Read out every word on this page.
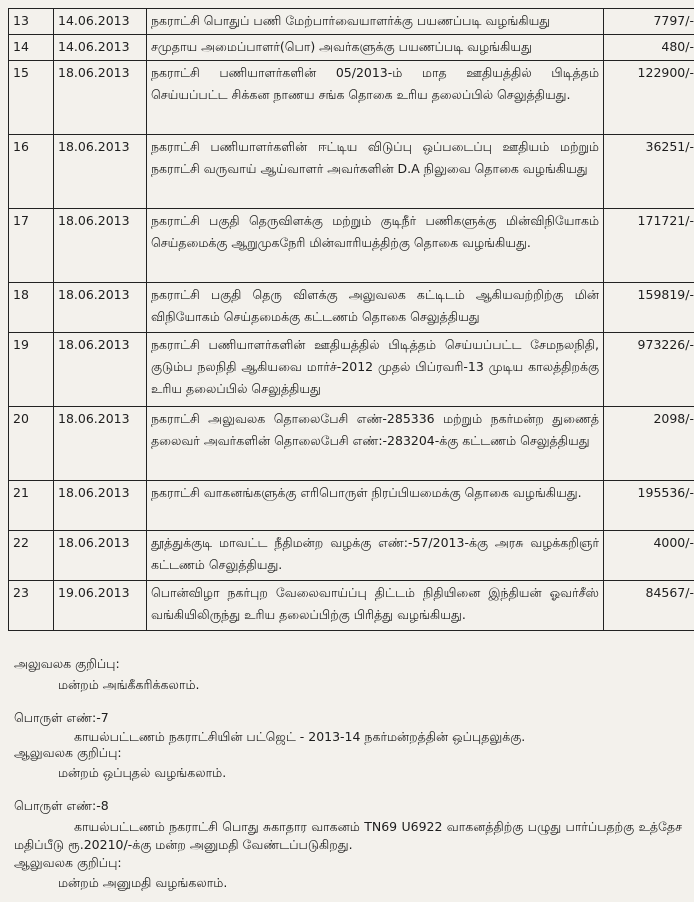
13	14.06.2013	நகராட்சி பொதுப் பணி மேற்பார்வையாளர்க்கு பயணப்படி வழங்கியது	7797/-
14	14.06.2013	சமுதாய அமைப்பாளர்(பொ) அவர்களுக்கு பயணப்படி வழங்கியது	480/-
15	18.06.2013	நகராட்சி பணியாளர்களின் 05/2013-ம் மாத ஊதியத்தில் பிடித்தம் செய்யப்பட்ட சிக்கன நாணய சங்க தொகை உரிய தலைப்பில் செலுத்தியது.	122900/-
16	18.06.2013	நகராட்சி பணியாளர்களின் ஈட்டிய விடுப்பு ஒப்படைப்பு ஊதியம் மற்றும் நகராட்சி வருவாய் ஆய்வாளர் அவர்களின் D.A நிலுவை தொகை வழங்கியது	36251/-
17	18.06.2013	நகராட்சி பகுதி தெருவிளக்கு மற்றும் குடிநீர் பணிகளுக்கு மின்விநியோகம் செய்தமைக்கு ஆறுமுகநேரி மின்வாரியத்திற்கு தொகை வழங்கியது.	171721/-
18	18.06.2013	நகராட்சி பகுதி தெரு விளக்கு அலுவலக கட்டிடம் ஆகியவற்றிற்கு மின் விநியோகம் செய்தமைக்கு கட்டணம் தொகை செலுத்தியது	159819/-
19	18.06.2013	நகராட்சி பணியாளர்களின் ஊதியத்தில் பிடித்தம் செய்யப்பட்ட சேமநலநிதி, குடும்ப நலநிதி ஆகியவை மார்ச்-2012 முதல் பிப்ரவரி-13 முடிய காலத்திறக்கு உரிய தலைப்பில் செலுத்தியது	973226/-
20	18.06.2013	நகராட்சி அலுவலக தொலைபேசி எண்-285336 மற்றும் நகர்மன்ற துணைத் தலைவர் அவர்களின் தொலைபேசி எண்:-283204-க்கு கட்டணம் செலுத்தியது	2098/-
21	18.06.2013	நகராட்சி வாகனங்களுக்கு எரிபொருள் நிரப்பியமைக்கு தொகை வழங்கியது.	195536/-
22	18.06.2013	தூத்துக்குடி மாவட்ட நீதிமன்ற வழக்கு எண்:-57/2013-க்கு அரசு வழக்கறிஞர் கட்டணம் செலுத்தியது.	4000/-
23	19.06.2013	பொன்விழா நகர்புற வேலைவாய்ப்பு திட்டம் நிதியினை இந்தியன் ஓவர்சீஸ் வங்கியிலிருந்து உரிய தலைப்பிற்கு பிரித்து வழங்கியது.	84567/-
அலுவலக குறிப்பு:
மன்றம் அங்கீகரிக்கலாம்.
பொருள் எண்:-7
காயல்பட்டணம் நகராட்சியின் பட்ஜெட் - 2013-14 நகர்மன்றத்தின் ஒப்புதலுக்கு.
ஆலுவலக குறிப்பு:
மன்றம் ஒப்புதல் வழங்கலாம்.
பொருள் எண்:-8
காயல்பட்டணம் நகராட்சி பொது சுகாதார வாகனம் TN69 U6922 வாகனத்திற்கு பழுது பார்ப்பதற்கு உத்தேச மதிப்பீடு ரூ.20210/-க்கு மன்ற அனுமதி வேண்டப்படுகிறது.
ஆலுவலக குறிப்பு:
மன்றம் அனுமதி வழங்கலாம்.
